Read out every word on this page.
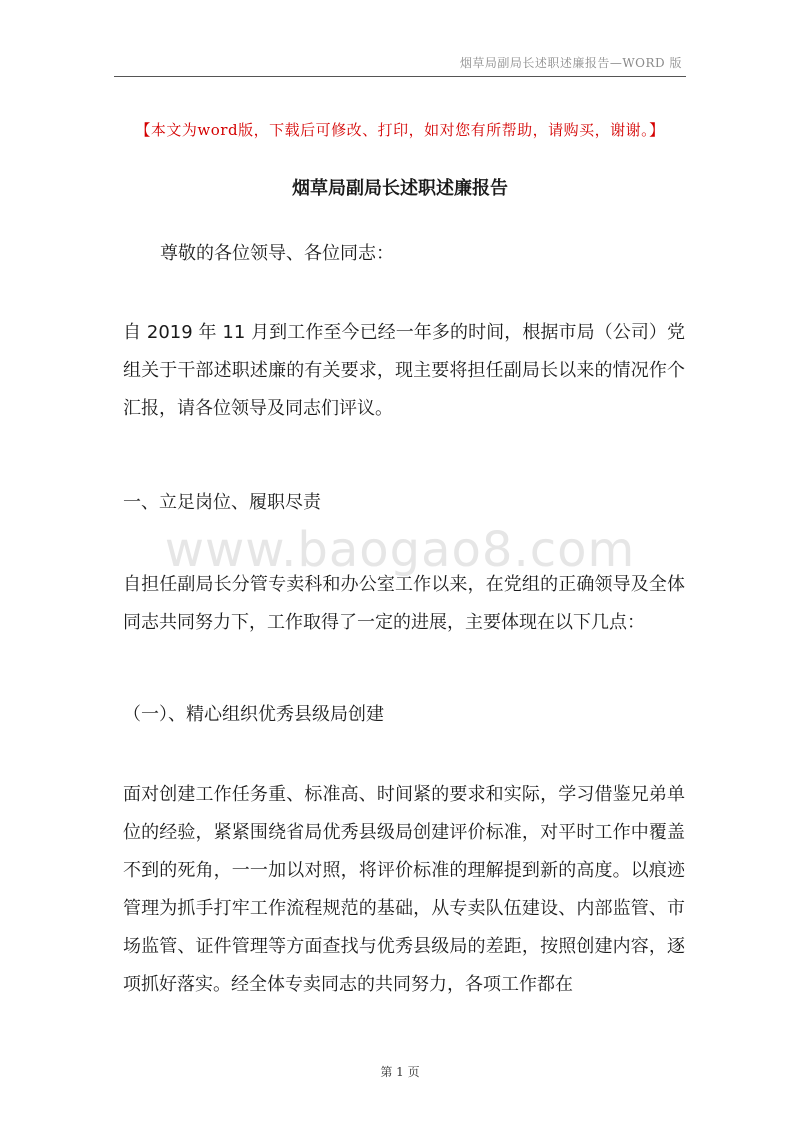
烟草局副局长述职述廉报告—WORD 版
【本文为word版，下载后可修改、打印，如对您有所帮助，请购买，谢谢。】
烟草局副局长述职述廉报告
尊敬的各位领导、各位同志：
自 2019 年 11 月到工作至今已经一年多的时间，根据市局（公司）党组关于干部述职述廉的有关要求，现主要将担任副局长以来的情况作个汇报，请各位领导及同志们评议。
一、立足岗位、履职尽责
www.baogao8.com
自担任副局长分管专卖科和办公室工作以来，在党组的正确领导及全体同志共同努力下，工作取得了一定的进展，主要体现在以下几点：
（一）、精心组织优秀县级局创建
面对创建工作任务重、标准高、时间紧的要求和实际，学习借鉴兄弟单位的经验，紧紧围绕省局优秀县级局创建评价标准，对平时工作中覆盖不到的死角，一一加以对照，将评价标准的理解提到新的高度。以痕迹管理为抓手打牢工作流程规范的基础，从专卖队伍建设、内部监管、市场监管、证件管理等方面查找与优秀县级局的差距，按照创建内容，逐项抓好落实。经全体专卖同志的共同努力，各项工作都在
第 1 页
